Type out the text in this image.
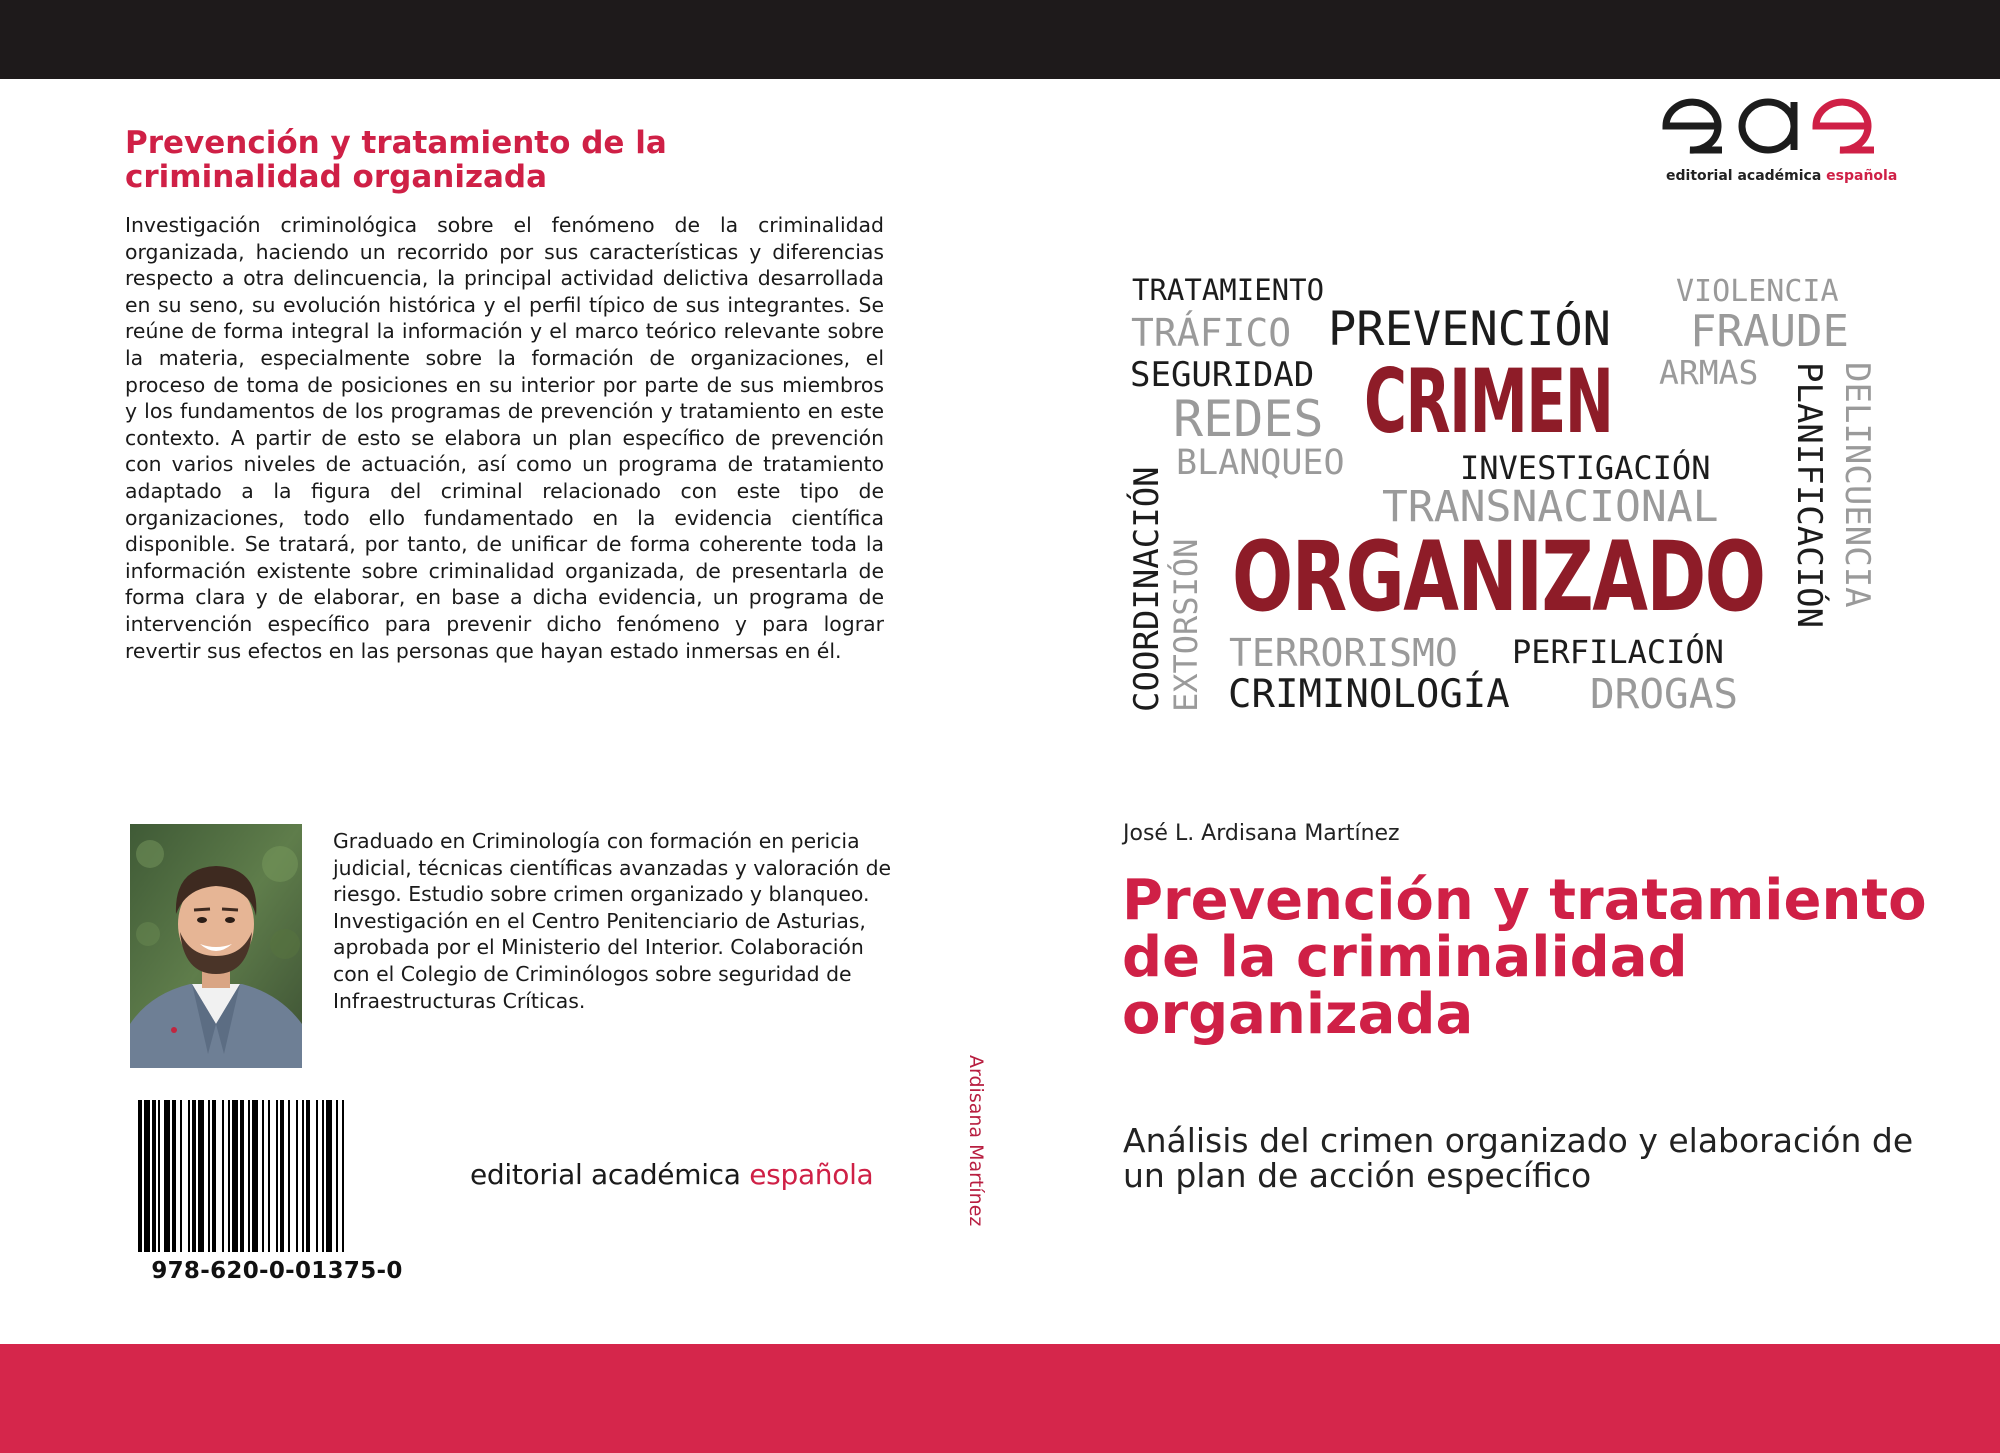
Prevención y tratamiento de la criminalidad organizada

Investigación criminológica sobre el fenómeno de la criminalidad organizada, haciendo un recorrido por sus características y diferencias respecto a otra delincuencia, la principal actividad delictiva desarrollada en su seno, su evolución histórica y el perfil típico de sus integrantes. Se reúne de forma integral la información y el marco teórico relevante sobre la materia, especialmente sobre la formación de organizaciones, el proceso de toma de posiciones en su interior por parte de sus miembros y los fundamentos de los programas de prevención y tratamiento en este contexto. A partir de esto se elabora un plan específico de prevención con varios niveles de actuación, así como un programa de tratamiento adaptado a la figura del criminal relacionado con este tipo de organizaciones, todo ello fundamentado en la evidencia científica disponible. Se tratará, por tanto, de unificar de forma coherente toda la información existente sobre criminalidad organizada, de presentarla de forma clara y de elaborar, en base a dicha evidencia, un programa de intervención específico para prevenir dicho fenómeno y para lograr revertir sus efectos en las personas que hayan estado inmersas en él.

Graduado en Criminología con formación en pericia judicial, técnicas científicas avanzadas y valoración de riesgo. Estudio sobre crimen organizado y blanqueo. Investigación en el Centro Penitenciario de Asturias, aprobada por el Ministerio del Interior. Colaboración con el Colegio de Criminólogos sobre seguridad de Infraestructuras Críticas.

978-620-0-01375-0
editorial académica española	Ardisana Martínez
editorial académica española
TRATAMIENTO	VIOLENCIA
TRÁFICO PREVENCIÓN FRAUDE
SEGURIDAD	ARMAS
CRIMEN
REDES
BLANQUEO	INVESTIGACIÓN
TRANSNACIONAL
ORGANIZADO
TERRORISMO PERFILACIÓN
CRIMINOLOGÍA DROGAS
COORDINACIÓN EXTORSIÓN	PLANIFICACIÓN DELINCUENCIA
José L. Ardisana Martínez
Prevención y tratamiento de la criminalidad organizada

Análisis del crimen organizado y elaboración de un plan de acción específico
